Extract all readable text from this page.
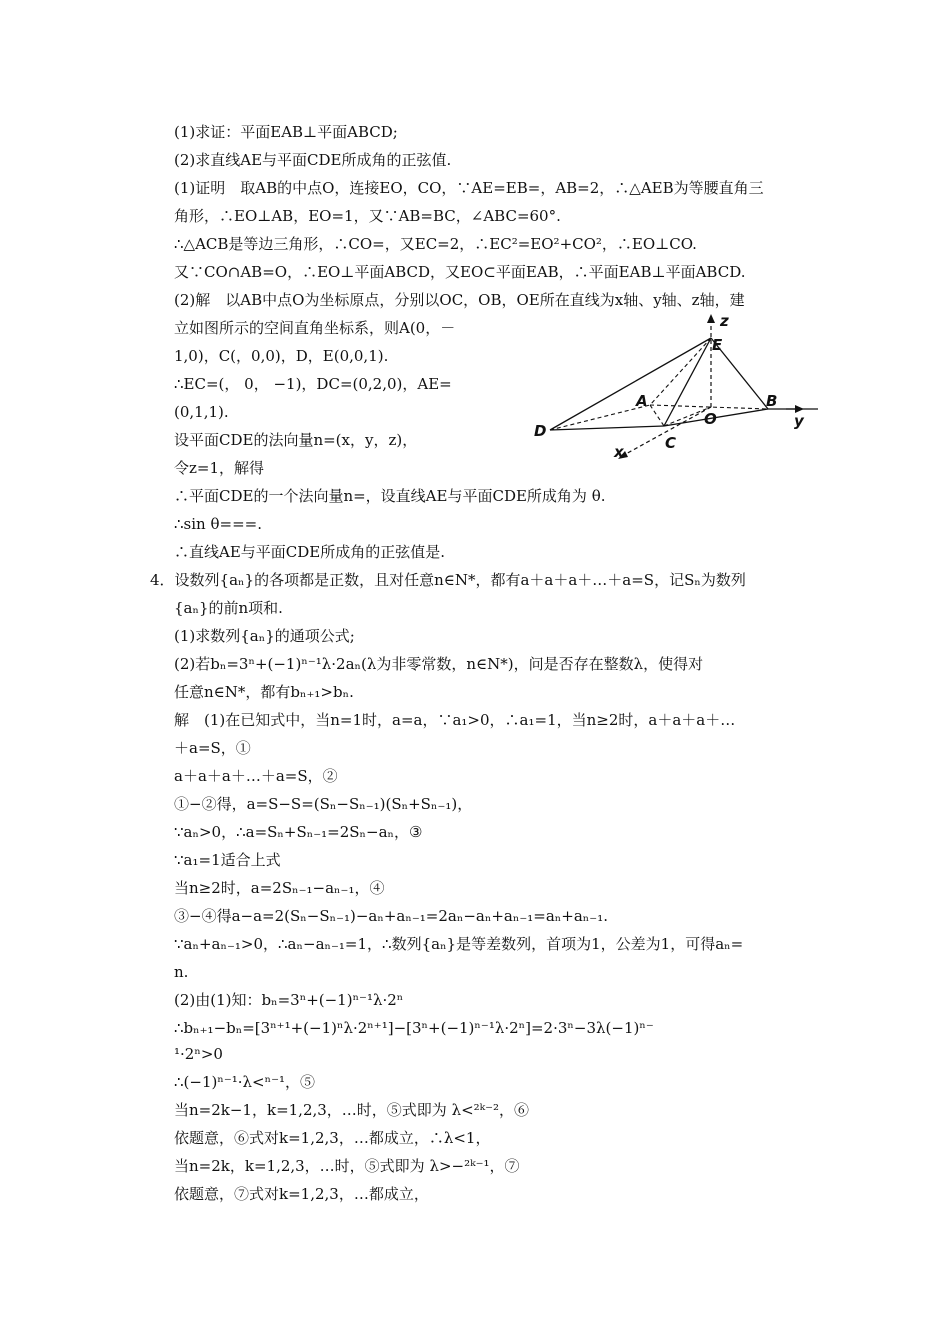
(1)求证：平面EAB⊥平面ABCD;
(2)求直线AE与平面CDE所成角的正弦值.
(1)证明　取AB的中点O，连接EO，CO，∵AE=EB=，AB=2，∴△AEB为等腰直角三
角形，∴EO⊥AB，EO=1，又∵AB=BC，∠ABC=60°.
∴△ACB是等边三角形，∴CO=，又EC=2，∴EC²=EO²+CO²，∴EO⊥CO.
又∵CO∩AB=O，∴EO⊥平面ABCD，又EO⊂平面EAB，∴平面EAB⊥平面ABCD.
(2)解　以AB中点O为坐标原点，分别以OC，OB，OE所在直线为x轴、y轴、z轴，建
立如图所示的空间直角坐标系，则A(0，－
1,0)，C(，0,0)，D，E(0,0,1).
∴EC=(， 0， −1)，DC=(0,2,0)，AE=
(0,1,1).
设平面CDE的法向量n=(x，y，z)，
令z=1，解得
∴平面CDE的一个法向量n=，设直线AE与平面CDE所成角为 θ.
∴sin θ===.
∴直线AE与平面CDE所成角的正弦值是.
z
E
A
O
B
y
D
C
x
4．设数列{aₙ}的各项都是正数，且对任意n∈N*，都有a＋a＋a＋…＋a=S，记Sₙ为数列
{aₙ}的前n项和.
(1)求数列{aₙ}的通项公式;
(2)若bₙ=3ⁿ+(−1)ⁿ⁻¹λ·2aₙ(λ为非零常数，n∈N*)，问是否存在整数λ，使得对
任意n∈N*，都有bₙ₊₁>bₙ.
解　(1)在已知式中，当n=1时，a=a，∵a₁>0，∴a₁=1，当n≥2时，a＋a＋a＋…
＋a=S，①
a＋a＋a＋…＋a=S，②
①−②得，a=S−S=(Sₙ−Sₙ₋₁)(Sₙ+Sₙ₋₁)，
∵aₙ>0，∴a=Sₙ+Sₙ₋₁=2Sₙ−aₙ，③
∵a₁=1适合上式
当n≥2时，a=2Sₙ₋₁−aₙ₋₁，④
③−④得a−a=2(Sₙ−Sₙ₋₁)−aₙ+aₙ₋₁=2aₙ−aₙ+aₙ₋₁=aₙ+aₙ₋₁.
∵aₙ+aₙ₋₁>0，∴aₙ−aₙ₋₁=1，∴数列{aₙ}是等差数列，首项为1，公差为1，可得aₙ=
n.
(2)由(1)知：bₙ=3ⁿ+(−1)ⁿ⁻¹λ·2ⁿ
∴bₙ₊₁−bₙ=[3ⁿ⁺¹+(−1)ⁿλ·2ⁿ⁺¹]−[3ⁿ+(−1)ⁿ⁻¹λ·2ⁿ]=2·3ⁿ−3λ(−1)ⁿ⁻
¹·2ⁿ>0
∴(−1)ⁿ⁻¹·λ<ⁿ⁻¹，⑤
当n=2k−1，k=1,2,3，…时，⑤式即为 λ<²ᵏ⁻²，⑥
依题意，⑥式对k=1,2,3，…都成立，∴λ<1，
当n=2k，k=1,2,3，…时，⑤式即为 λ>−²ᵏ⁻¹，⑦
依题意，⑦式对k=1,2,3，…都成立，
